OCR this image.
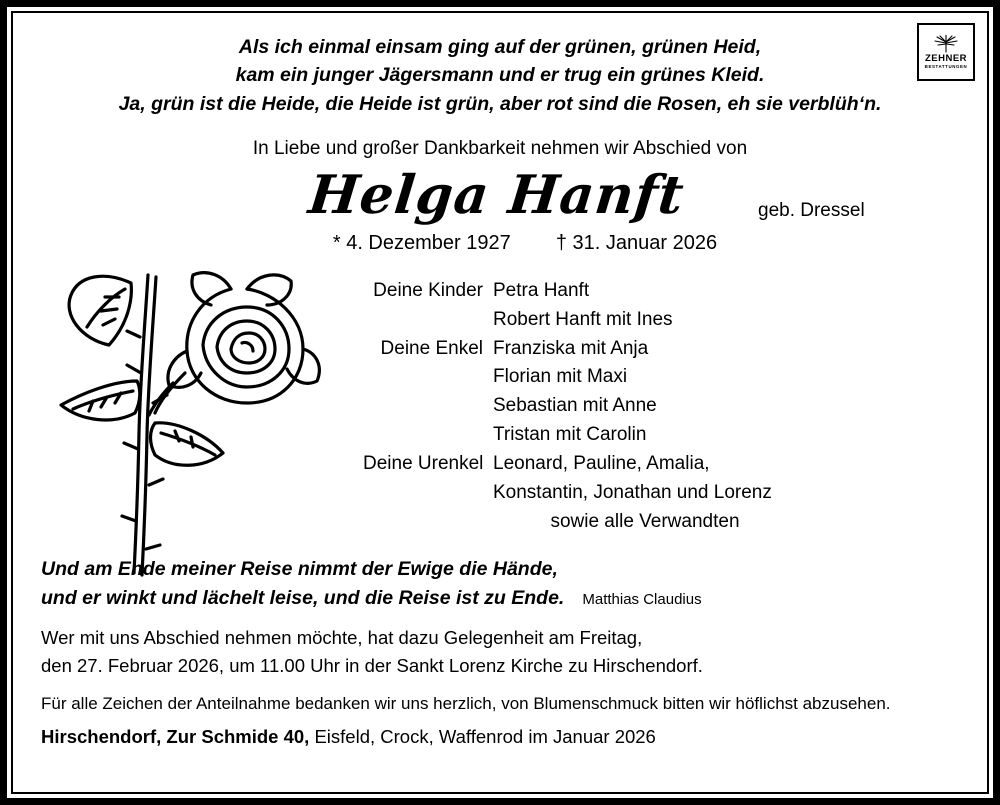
ZEHNER
BESTATTUNGEN
Als ich einmal einsam ging auf der grünen, grünen Heid,
kam ein junger Jägersmann und er trug ein grünes Kleid.
Ja, grün ist die Heide, die Heide ist grün, aber rot sind die Rosen, eh sie verblüh‘n.
In Liebe und großer Dankbarkeit nehmen wir Abschied von
Helga Hanft	geb. Dressel
* 4. Dezember 1927 † 31. Januar 2026
Deine Kinder Petra Hanft
Robert Hanft mit Ines
Deine Enkel Franziska mit Anja
Florian mit Maxi
Sebastian mit Anne
Tristan mit Carolin
Deine Urenkel Leonard, Pauline, Amalia,
Konstantin, Jonathan und Lorenz
sowie alle Verwandten
Und am Ende meiner Reise nimmt der Ewige die Hände,
und er winkt und lächelt leise, und die Reise ist zu Ende. Matthias Claudius
Wer mit uns Abschied nehmen möchte, hat dazu Gelegenheit am Freitag,
den 27. Februar 2026, um 11.00 Uhr in der Sankt Lorenz Kirche zu Hirschendorf.
Für alle Zeichen der Anteilnahme bedanken wir uns herzlich, von Blumenschmuck bitten wir höflichst abzusehen.
Hirschendorf, Zur Schmide 40, Eisfeld, Crock, Waffenrod im Januar 2026
